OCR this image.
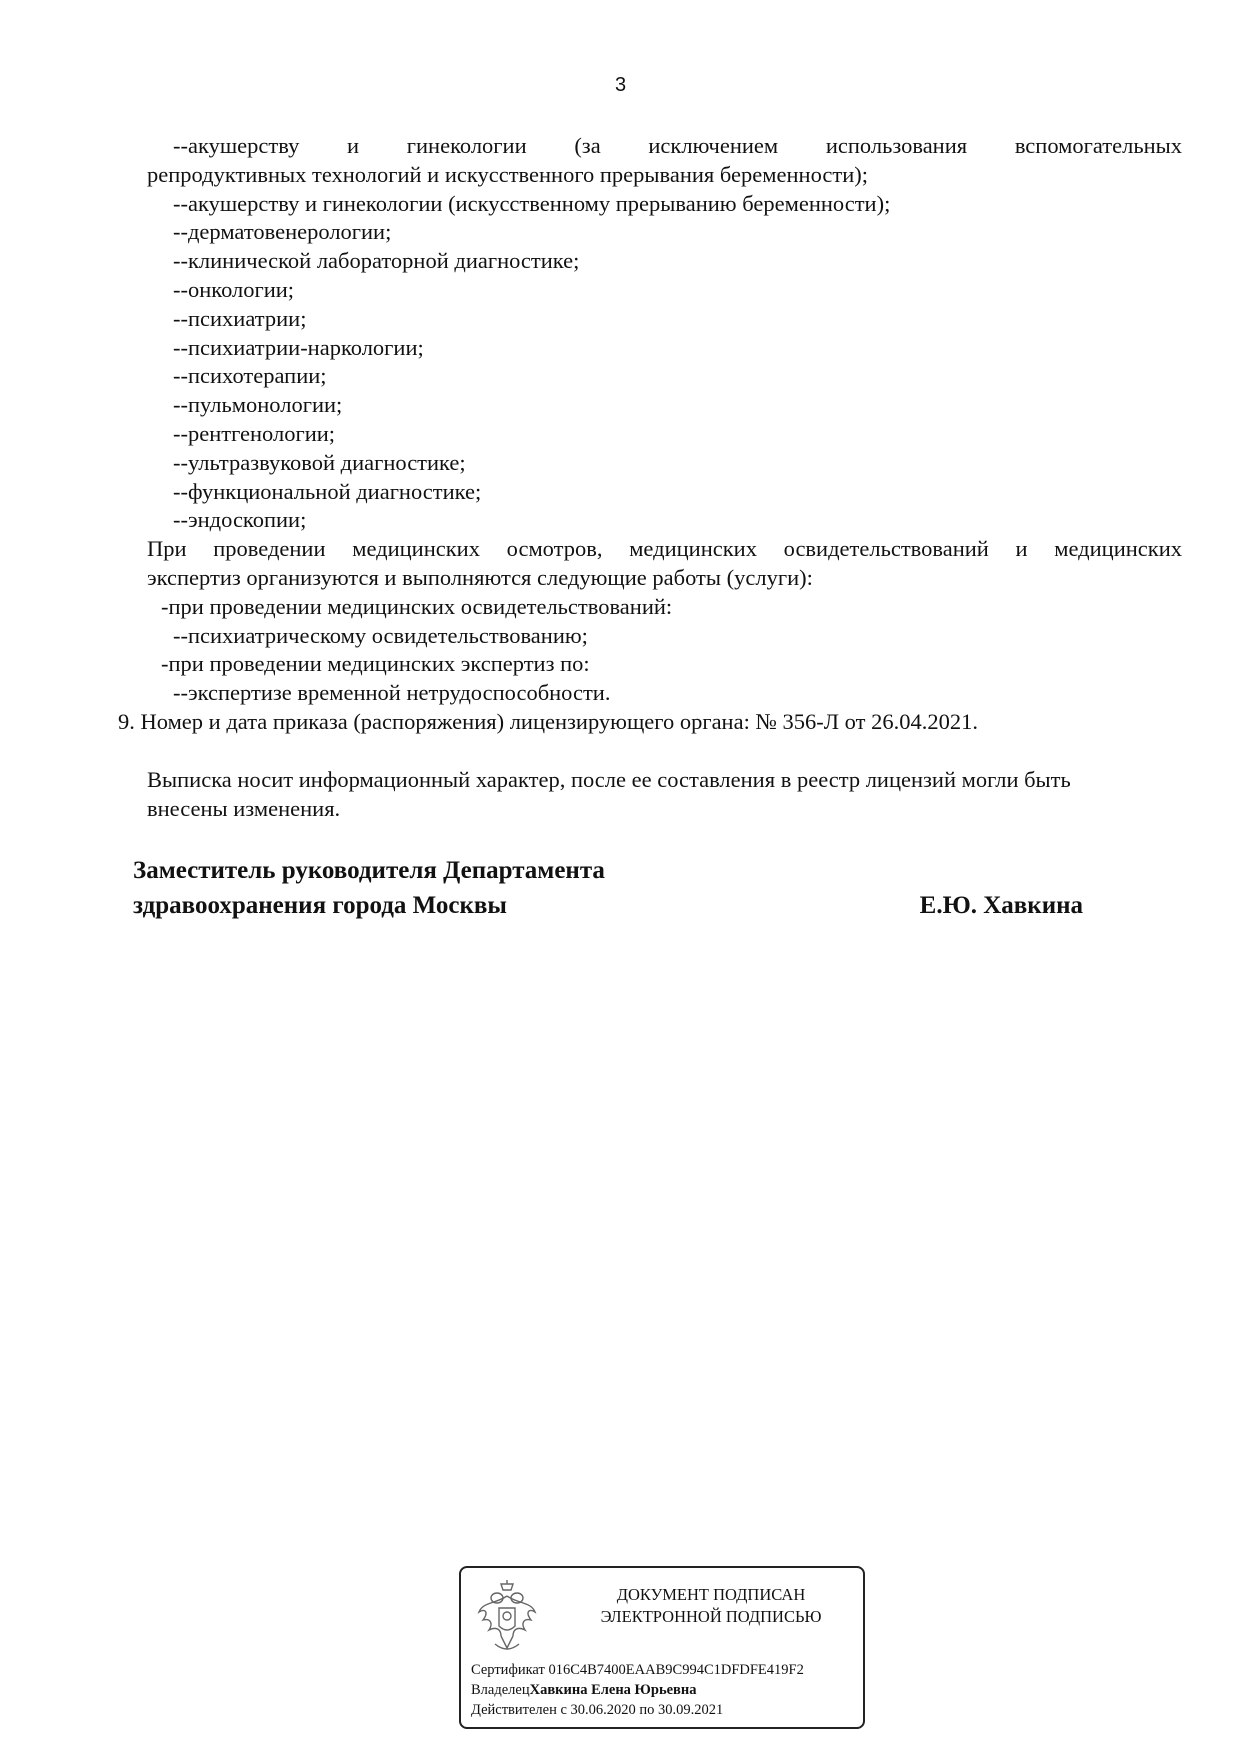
3

--акушерству и гинекологии (за исключением использования вспомогательных

репродуктивных технологий и искусственного прерывания беременности);

--акушерству и гинекологии (искусственному прерыванию беременности);

--дерматовенерологии;

--клинической лабораторной диагностике;

--онкологии;

--психиатрии;

--психиатрии-наркологии;

--психотерапии;

--пульмонологии;

--рентгенологии;

--ультразвуковой диагностике;

--функциональной диагностике;

--эндоскопии;

При проведении медицинских осмотров, медицинских освидетельствований и медицинских

экспертиз организуются и выполняются следующие работы (услуги):

-при проведении медицинских освидетельствований:

--психиатрическому освидетельствованию;

-при проведении медицинских экспертиз по:

--экспертизе временной нетрудоспособности.

9. Номер и дата приказа (распоряжения) лицензирующего органа: № 356-Л от 26.04.2021.

Выписка носит информационный характер, после ее составления в реестр лицензий могли быть

внесены изменения.

Заместитель руководителя Департамента
здравоохранения города Москвы	Е.Ю. Хавкина
ДОКУМЕНТ ПОДПИСАН
ЭЛЕКТРОННОЙ ПОДПИСЬЮ
Сертификат 016C4B7400EAAB9C994C1DFDFE419F2
ВладелецХавкина Елена Юрьевна
Действителен с 30.06.2020 по 30.09.2021
